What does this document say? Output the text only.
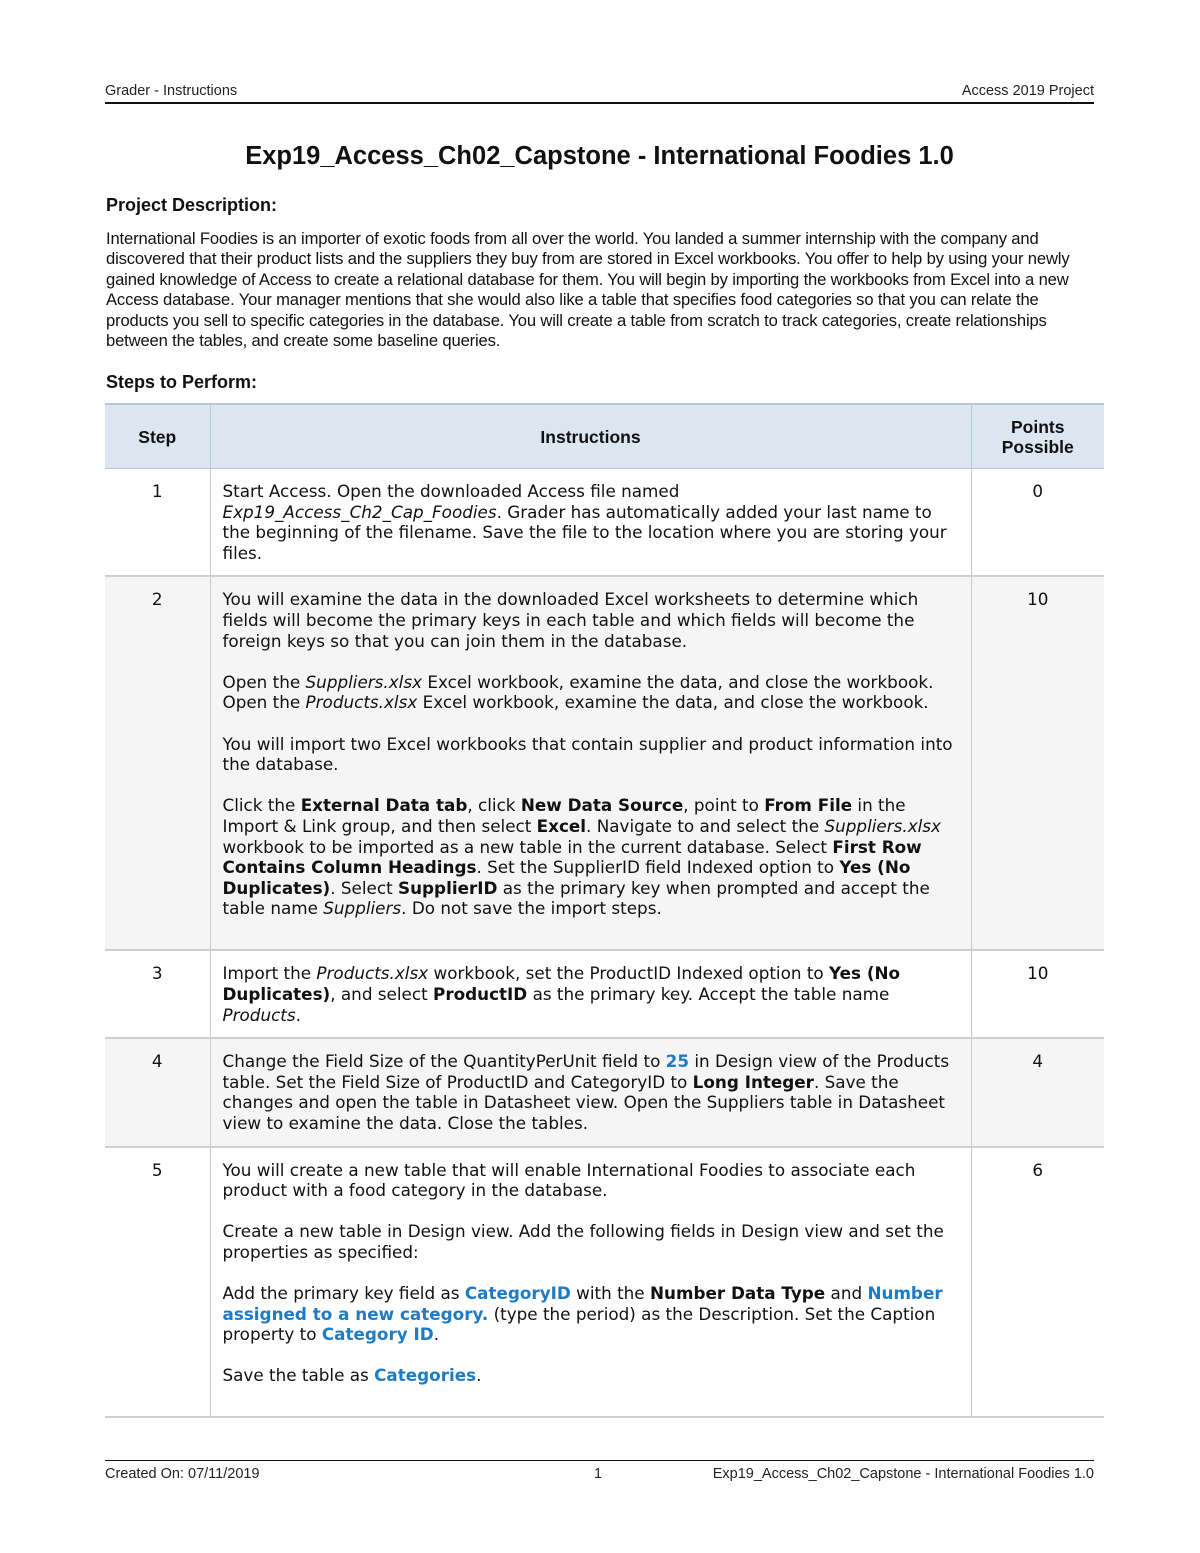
Grader - Instructions	Access 2019 Project
Exp19_Access_Ch02_Capstone - International Foodies 1.0
Project Description:
International Foodies is an importer of exotic foods from all over the world. You landed a summer internship with the company and discovered that their product lists and the suppliers they buy from are stored in Excel workbooks. You offer to help by using your newly gained knowledge of Access to create a relational database for them. You will begin by importing the workbooks from Excel into a new Access database. Your manager mentions that she would also like a table that specifies food categories so that you can relate the products you sell to specific categories in the database. You will create a table from scratch to track categories, create relationships between the tables, and create some baseline queries.
Steps to Perform:
Step	Instructions	Points
Possible
1	Start Access. Open the downloaded Access file named Exp19_Access_Ch2_Cap_Foodies. Grader has automatically added your last name to the beginning of the filename. Save the file to the location where you are storing your files.	0
2	You will examine the data in the downloaded Excel worksheets to determine which fields will become the primary keys in each table and which fields will become the foreign keys so that you can join them in the database.

Open the Suppliers.xlsx Excel workbook, examine the data, and close the workbook. Open the Products.xlsx Excel workbook, examine the data, and close the workbook.

You will import two Excel workbooks that contain supplier and product information into the database.

Click the External Data tab, click New Data Source, point to From File in the Import & Link group, and then select Excel. Navigate to and select the Suppliers.xlsx workbook to be imported as a new table in the current database. Select First Row Contains Column Headings. Set the SupplierID field Indexed option to Yes (No Duplicates). Select SupplierID as the primary key when prompted and accept the table name Suppliers. Do not save the import steps.	10
3	Import the Products.xlsx workbook, set the ProductID Indexed option to Yes (No Duplicates), and select ProductID as the primary key. Accept the table name Products.	10
4	Change the Field Size of the QuantityPerUnit field to 25 in Design view of the Products table. Set the Field Size of ProductID and CategoryID to Long Integer. Save the changes and open the table in Datasheet view. Open the Suppliers table in Datasheet view to examine the data. Close the tables.	4
5	You will create a new table that will enable International Foodies to associate each product with a food category in the database.

Create a new table in Design view. Add the following fields in Design view and set the properties as specified:

Add the primary key field as CategoryID with the Number Data Type and Number assigned to a new category. (type the period) as the Description. Set the Caption property to Category ID.

Save the table as Categories.	6
Created On: 07/11/2019	1	Exp19_Access_Ch02_Capstone - International Foodies 1.0
